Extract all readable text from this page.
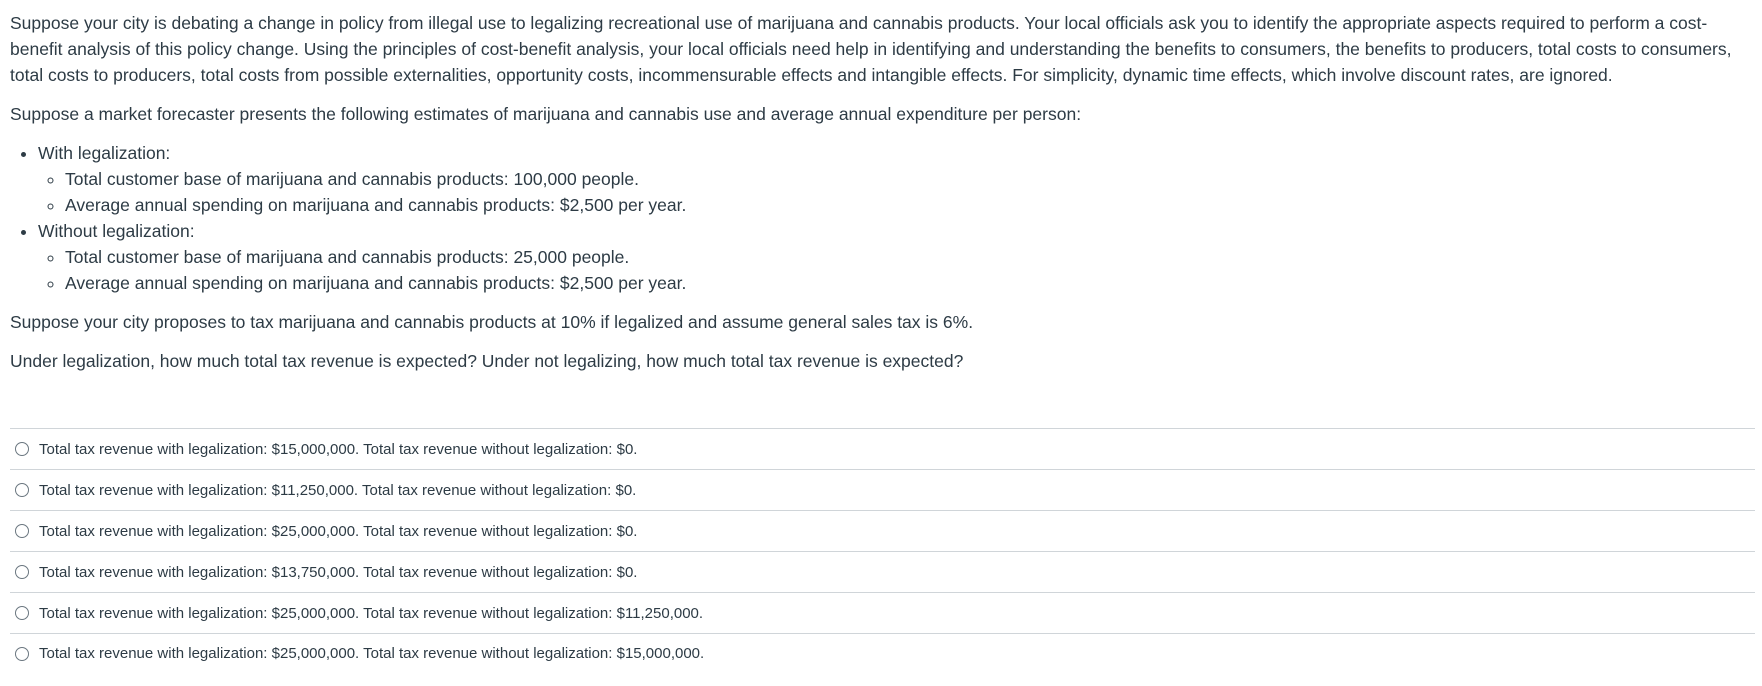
Suppose your city is debating a change in policy from illegal use to legalizing recreational use of marijuana and cannabis products. Your local officials ask you to identify the appropriate aspects required to perform a cost- benefit analysis of this policy change. Using the principles of cost-benefit analysis, your local officials need help in identifying and understanding the benefits to consumers, the benefits to producers, total costs to consumers, total costs to producers, total costs from possible externalities, opportunity costs, incommensurable effects and intangible effects. For simplicity, dynamic time effects, which involve discount rates, are ignored.

Suppose a market forecaster presents the following estimates of marijuana and cannabis use and average annual expenditure per person:

• With legalization:
◦ Total customer base of marijuana and cannabis products: 100,000 people.
◦ Average annual spending on marijuana and cannabis products: $2,500 per year.
• Without legalization:
◦ Total customer base of marijuana and cannabis products: 25,000 people.
◦ Average annual spending on marijuana and cannabis products: $2,500 per year.

Suppose your city proposes to tax marijuana and cannabis products at 10% if legalized and assume general sales tax is 6%.

Under legalization, how much total tax revenue is expected? Under not legalizing, how much total tax revenue is expected?

Total tax revenue with legalization: $15,000,000. Total tax revenue without legalization: $0.
Total tax revenue with legalization: $11,250,000. Total tax revenue without legalization: $0.
Total tax revenue with legalization: $25,000,000. Total tax revenue without legalization: $0.
Total tax revenue with legalization: $13,750,000. Total tax revenue without legalization: $0.
Total tax revenue with legalization: $25,000,000. Total tax revenue without legalization: $11,250,000.
Total tax revenue with legalization: $25,000,000. Total tax revenue without legalization: $15,000,000.
